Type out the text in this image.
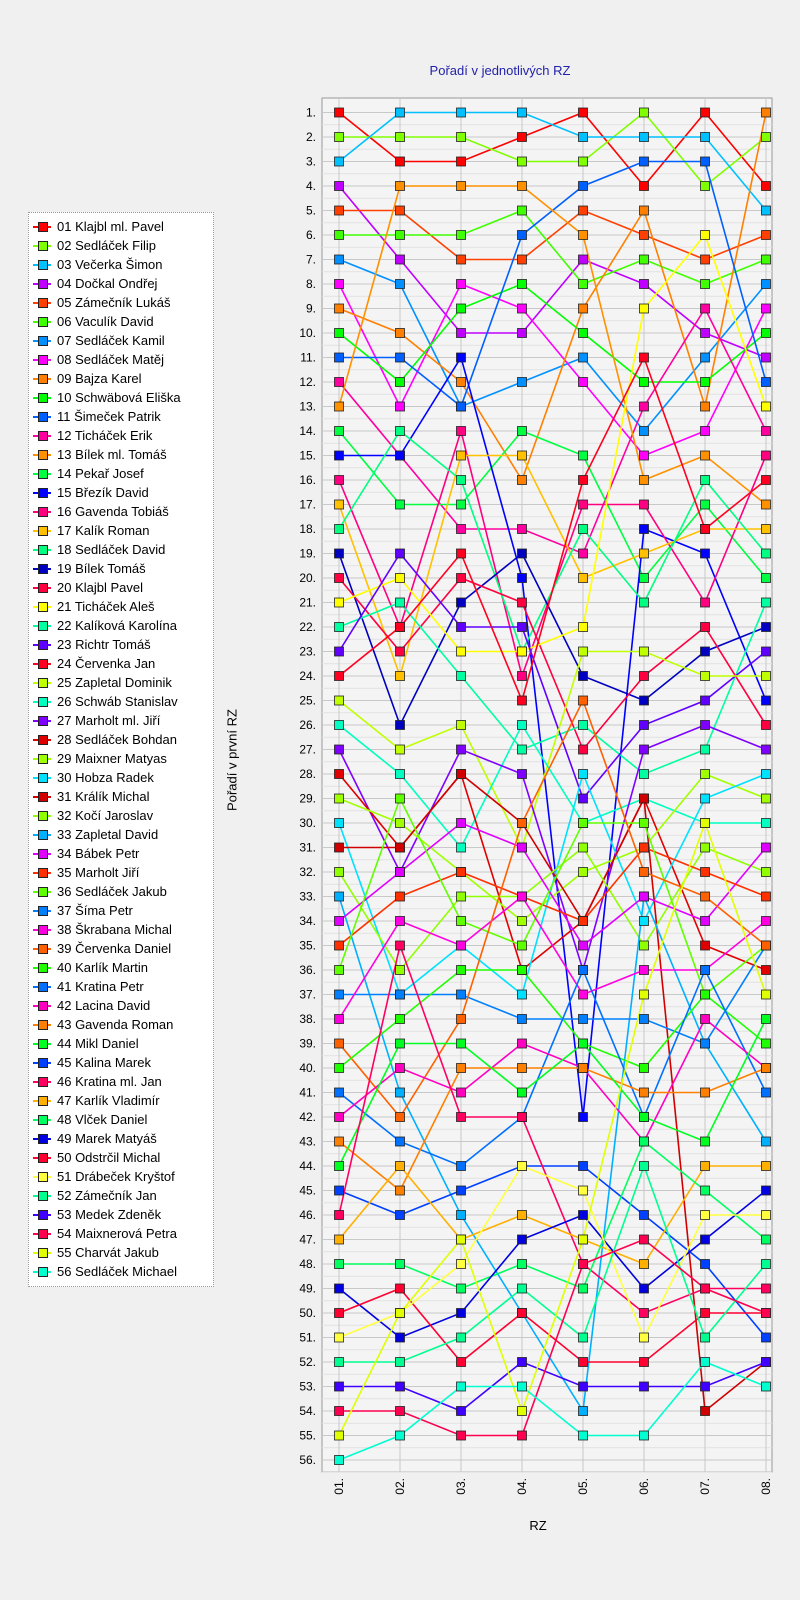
Pořadí v jednotlivých RZ
01 Klajbl ml. Pavel
02 Sedláček Filip
03 Večerka Šimon
04 Dočkal Ondřej
05 Zámečník Lukáš
06 Vaculík David
07 Sedláček Kamil
08 Sedláček Matěj
09 Bajza Karel
10 Schwäbová Eliška
11 Šimeček Patrik
12 Ticháček Erik
13 Bílek ml. Tomáš
14 Pekař Josef
15 Březík David
16 Gavenda Tobiáš
17 Kalík Roman
18 Sedláček David
19 Bílek Tomáš
20 Klajbl Pavel
21 Ticháček Aleš
22 Kalíková Karolína
23 Richtr Tomáš
24 Červenka Jan
25 Zapletal Dominik
26 Schwáb Stanislav
27 Marholt ml. Jiří
28 Sedláček Bohdan
29 Maixner Matyas
30 Hobza Radek
31 Králík Michal
32 Kočí Jaroslav
33 Zapletal David
34 Bábek Petr
35 Marholt Jiří
36 Sedláček Jakub
37 Šíma Petr
38 Škrabana Michal
39 Červenka Daniel
40 Karlík Martin
41 Kratina Petr
42 Lacina David
43 Gavenda Roman
44 Mikl Daniel
45 Kalina Marek
46 Kratina ml. Jan
47 Karlík Vladimír
48 Vlček Daniel
49 Marek Matyáš
50 Odstrčil Michal
51 Drábeček Kryštof
52 Zámečník Jan
53 Medek Zdeněk
54 Maixnerová Petra
55 Charvát Jakub
56 Sedláček Michael
Pořadí v první RZ
RZ
1.
2.
3.
4.
5.
6.
7.
8.
9.
10.
11.
12.
13.
14.
15.
16.
17.
18.
19.
20.
21.
22.
23.
24.
25.
26.
27.
28.
29.
30.
31.
32.
33.
34.
35.
36.
37.
38.
39.
40.
41.
42.
43.
44.
45.
46.
47.
48.
49.
50.
51.
52.
53.
54.
55.
56.
01.	02.	03.	04.	05.	06.	07.	08.
